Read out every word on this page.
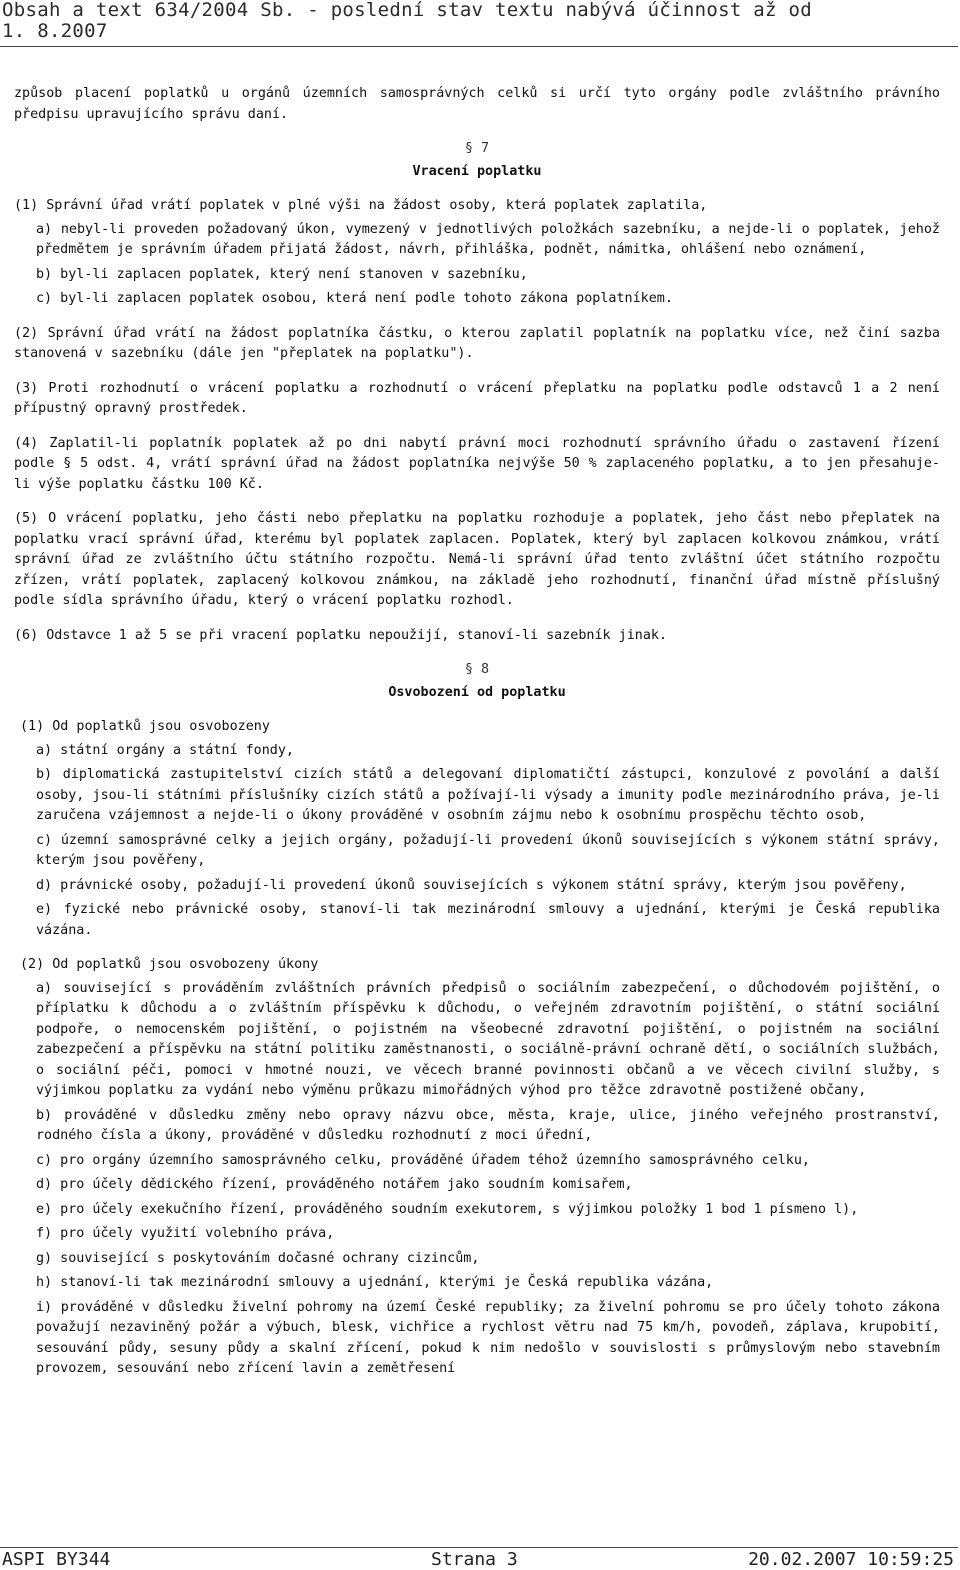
Obsah a text 634/2004 Sb. - poslední stav textu nabývá účinnost až od
1. 8.2007

způsob placení poplatků u orgánů územních samosprávných celků si určí tyto orgány podle zvláštního právního předpisu upravujícího správu daní.

§ 7
Vracení poplatku

(1) Správní úřad vrátí poplatek v plné výši na žádost osoby, která poplatek zaplatila,

a) nebyl-li proveden požadovaný úkon, vymezený v jednotlivých položkách sazebníku, a nejde-li o poplatek, jehož předmětem je správním úřadem přijatá žádost, návrh, přihláška, podnět, námitka, ohlášení nebo oznámení,

b) byl-li zaplacen poplatek, který není stanoven v sazebníku,

c) byl-li zaplacen poplatek osobou, která není podle tohoto zákona poplatníkem.

(2) Správní úřad vrátí na žádost poplatníka částku, o kterou zaplatil poplatník na poplatku více, než činí sazba stanovená v sazebníku (dále jen "přeplatek na poplatku").

(3) Proti rozhodnutí o vrácení poplatku a rozhodnutí o vrácení přeplatku na poplatku podle odstavců 1 a 2 není přípustný opravný prostředek.

(4) Zaplatil-li poplatník poplatek až po dni nabytí právní moci rozhodnutí správního úřadu o zastavení řízení podle § 5 odst. 4, vrátí správní úřad na žádost poplatníka nejvýše 50 % zaplaceného poplatku, a to jen přesahuje-li výše poplatku částku 100 Kč.

(5) O vrácení poplatku, jeho části nebo přeplatku na poplatku rozhoduje a poplatek, jeho část nebo přeplatek na poplatku vrací správní úřad, kterému byl poplatek zaplacen. Poplatek, který byl zaplacen kolkovou známkou, vrátí správní úřad ze zvláštního účtu státního rozpočtu. Nemá-li správní úřad tento zvláštní účet státního rozpočtu zřízen, vrátí poplatek, zaplacený kolkovou známkou, na základě jeho rozhodnutí, finanční úřad místně příslušný podle sídla správního úřadu, který o vrácení poplatku rozhodl.

(6) Odstavce 1 až 5 se při vracení poplatku nepoužijí, stanoví-li sazebník jinak.

§ 8
Osvobození od poplatku

(1) Od poplatků jsou osvobozeny

a) státní orgány a státní fondy,

b) diplomatická zastupitelství cizích států a delegovaní diplomatičtí zástupci, konzulové z povolání a další osoby, jsou-li státními příslušníky cizích států a požívají-li výsady a imunity podle mezinárodního práva, je-li zaručena vzájemnost a nejde-li o úkony prováděné v osobním zájmu nebo k osobnímu prospěchu těchto osob,

c) územní samosprávné celky a jejich orgány, požadují-li provedení úkonů souvisejících s výkonem státní správy, kterým jsou pověřeny,

d) právnické osoby, požadují-li provedení úkonů souvisejících s výkonem státní správy, kterým jsou pověřeny,

e) fyzické nebo právnické osoby, stanoví-li tak mezinárodní smlouvy a ujednání, kterými je Česká republika vázána.

(2) Od poplatků jsou osvobozeny úkony

a) související s prováděním zvláštních právních předpisů o sociálním zabezpečení, o důchodovém pojištění, o příplatku k důchodu a o zvláštním příspěvku k důchodu, o veřejném zdravotním pojištění, o státní sociální podpoře, o nemocenském pojištění, o pojistném na všeobecné zdravotní pojištění, o pojistném na sociální zabezpečení a příspěvku na státní politiku zaměstnanosti, o sociálně-právní ochraně dětí, o sociálních službách, o sociální péči, pomoci v hmotné nouzi, ve věcech branné povinnosti občanů a ve věcech civilní služby, s výjimkou poplatku za vydání nebo výměnu průkazu mimořádných výhod pro těžce zdravotně postižené občany,

b) prováděné v důsledku změny nebo opravy názvu obce, města, kraje, ulice, jiného veřejného prostranství, rodného čísla a úkony, prováděné v důsledku rozhodnutí z moci úřední,

c) pro orgány územního samosprávného celku, prováděné úřadem téhož územního samosprávného celku,

d) pro účely dědického řízení, prováděného notářem jako soudním komisařem,

e) pro účely exekučního řízení, prováděného soudním exekutorem, s výjimkou položky 1 bod 1 písmeno l),

f) pro účely využití volebního práva,

g) související s poskytováním dočasné ochrany cizincům,

h) stanoví-li tak mezinárodní smlouvy a ujednání, kterými je Česká republika vázána,

i) prováděné v důsledku živelní pohromy na území České republiky; za živelní pohromu se pro účely tohoto zákona považují nezaviněný požár a výbuch, blesk, vichřice a rychlost větru nad 75 km/h, povodeň, záplava, krupobití, sesouvání půdy, sesuny půdy a skalní zřícení, pokud k nim nedošlo v souvislosti s průmyslovým nebo stavebním provozem, sesouvání nebo zřícení lavin a zemětřesení

ASPI BY344	Strana 3	20.02.2007 10:59:25
